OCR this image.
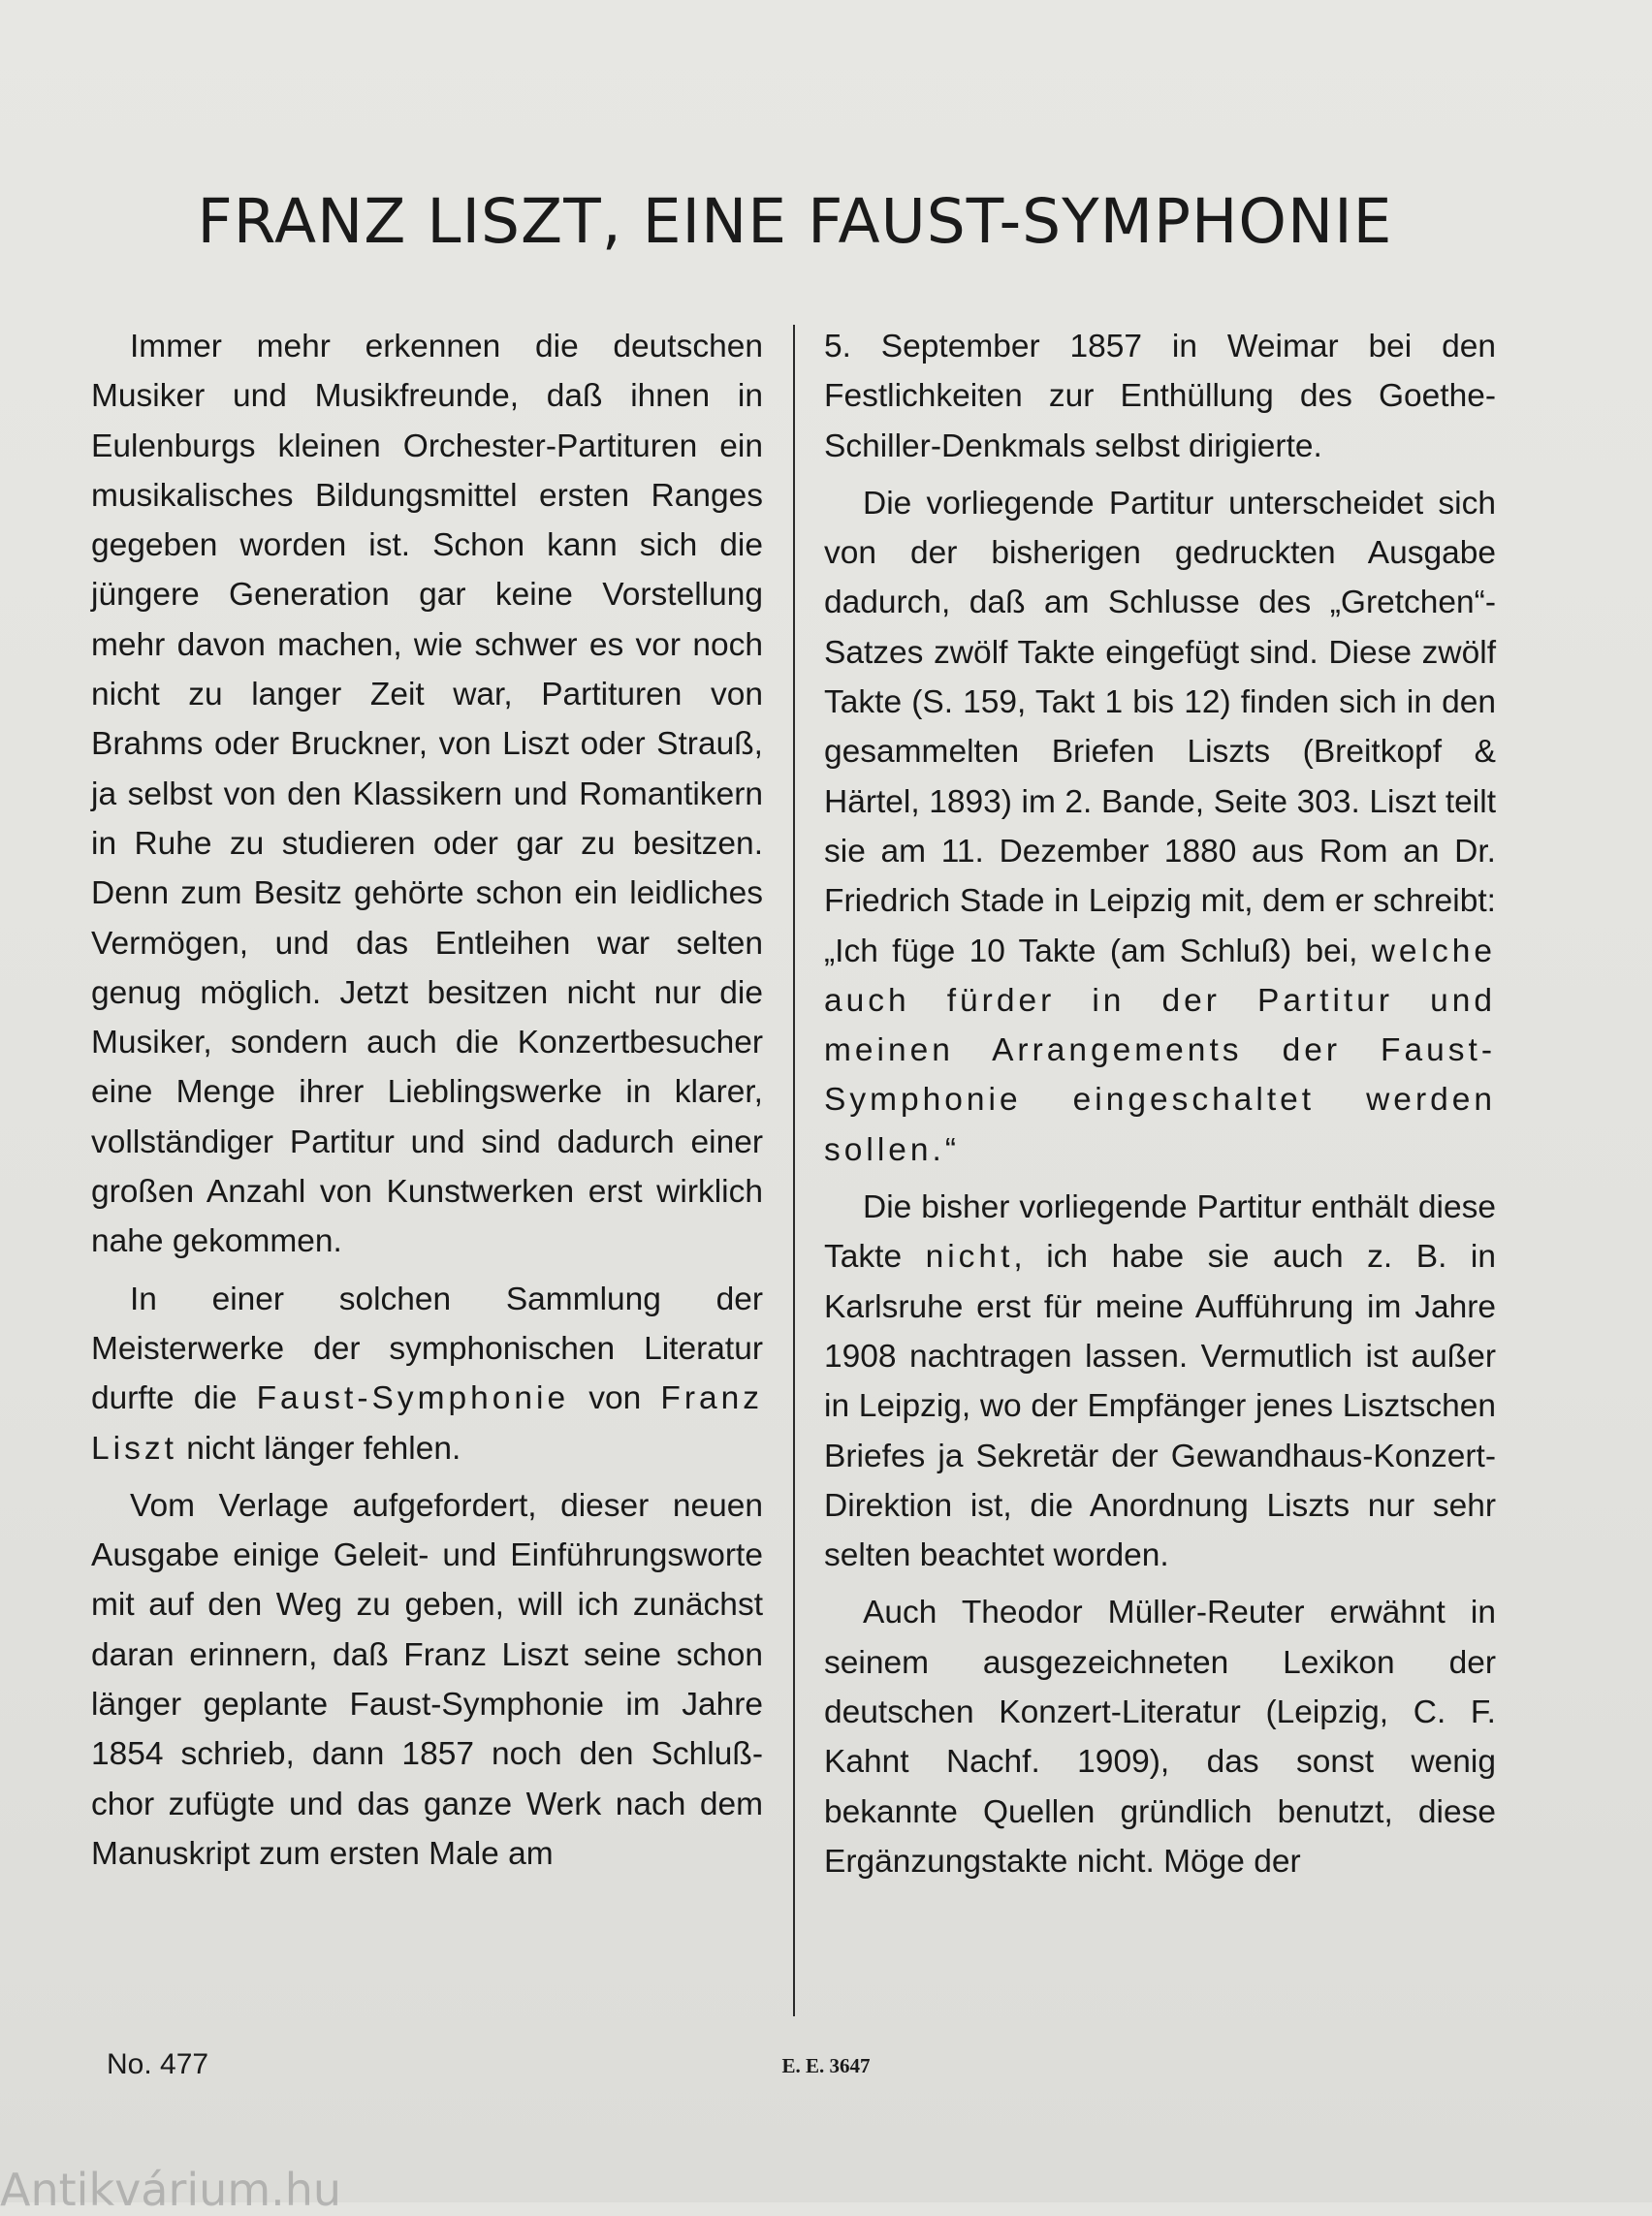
FRANZ LISZT, EINE FAUST-SYMPHONIE

Immer mehr erkennen die deutschen Musiker und Musikfreunde, daß ihnen in Eulenburgs kleinen Orchester-Partituren ein musikalisches Bildungsmittel ersten Ranges gegeben worden ist. Schon kann sich die jüngere Generation gar keine Vorstellung mehr davon machen, wie schwer es vor noch nicht zu langer Zeit war, Partituren von Brahms oder Bruckner, von Liszt oder Strauß, ja selbst von den Klassikern und Romantikern in Ruhe zu studieren oder gar zu besitzen. Denn zum Besitz gehörte schon ein leidliches Vermögen, und das Entleihen war selten genug möglich. Jetzt besitzen nicht nur die Musiker, sondern auch die Konzertbesucher eine Menge ihrer Lieblingswerke in klarer, vollständiger Partitur und sind dadurch einer großen Anzahl von Kunstwerken erst wirklich nahe gekommen.

In einer solchen Sammlung der Meisterwerke der symphonischen Literatur durfte die Faust-Symphonie von Franz Liszt nicht länger fehlen.

Vom Verlage aufgefordert, dieser neuen Ausgabe einige Geleit- und Einführungsworte mit auf den Weg zu geben, will ich zunächst daran erinnern, daß Franz Liszt seine schon länger geplante Faust-Symphonie im Jahre 1854 schrieb, dann 1857 noch den Schlußchor zufügte und das ganze Werk nach dem Manuskript zum ersten Male am

5. September 1857 in Weimar bei den Festlichkeiten zur Enthüllung des Goethe-Schiller-Denkmals selbst dirigierte.

Die vorliegende Partitur unterscheidet sich von der bisherigen gedruckten Ausgabe dadurch, daß am Schlusse des „Gretchen“-Satzes zwölf Takte eingefügt sind. Diese zwölf Takte (S. 159, Takt 1 bis 12) finden sich in den gesammelten Briefen Liszts (Breitkopf & Härtel, 1893) im 2. Bande, Seite 303. Liszt teilt sie am 11. Dezember 1880 aus Rom an Dr. Friedrich Stade in Leipzig mit, dem er schreibt: „Ich füge 10 Takte (am Schluß) bei, welche auch fürder in der Partitur und meinen Arrangements der Faust-Symphonie eingeschaltet werden sollen.“

Die bisher vorliegende Partitur enthält diese Takte nicht, ich habe sie auch z. B. in Karlsruhe erst für meine Aufführung im Jahre 1908 nachtragen lassen. Vermutlich ist außer in Leipzig, wo der Empfänger jenes Lisztschen Briefes ja Sekretär der Gewandhaus-Konzert-Direktion ist, die Anordnung Liszts nur sehr selten beachtet worden.

Auch Theodor Müller-Reuter erwähnt in seinem ausgezeichneten Lexikon der deutschen Konzert-Literatur (Leipzig, C. F. Kahnt Nachf. 1909), das sonst wenig bekannte Quellen gründlich benutzt, diese Ergänzungstakte nicht. Möge der

No. 477	E. E. 3647
Antikvárium.hu
